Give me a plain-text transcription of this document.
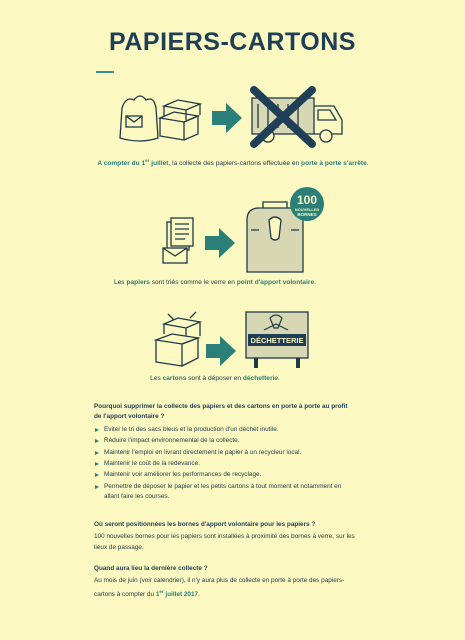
PAPIERS-CARTONS
A compter du 1er juillet, la collecte des papiers-cartons effectuée en porte à porte s'arrête.
100
NOUVELLES
BORNES
Les papiers sont triés comme le verre en point d'apport volontaire.
DÉCHETTERIE
Les cartons sont à déposer en déchetterie.
Pourquoi supprimer la collecte des papiers et des cartons en porte à porte au profit de l'apport volontaire ?
Eviter le tri des sacs bleus et la production d'un déchet inutile.
Réduire l'impact environnemental de la collecte.
Maintenir l'emploi en livrant directement le papier à un recycleur local.
Maintenir le coût de la redevance.
Maintenir voir améliorer les performances de recyclage.
Permettre de déposer le papier et les petits cartons à tout moment et notamment en allant faire les courses.
Où seront positionnées les bornes d'apport volontaire pour les papiers ?
100 nouvelles bornes pour les papiers sont installées à proximité des bornes à verre, sur les lieux de passage.
Quand aura lieu la dernière collecte ?
Au mois de juin (voir calendrier), il n'y aura plus de collecte en porte à porte des papiers-cartons à compter du 1er juillet 2017.
